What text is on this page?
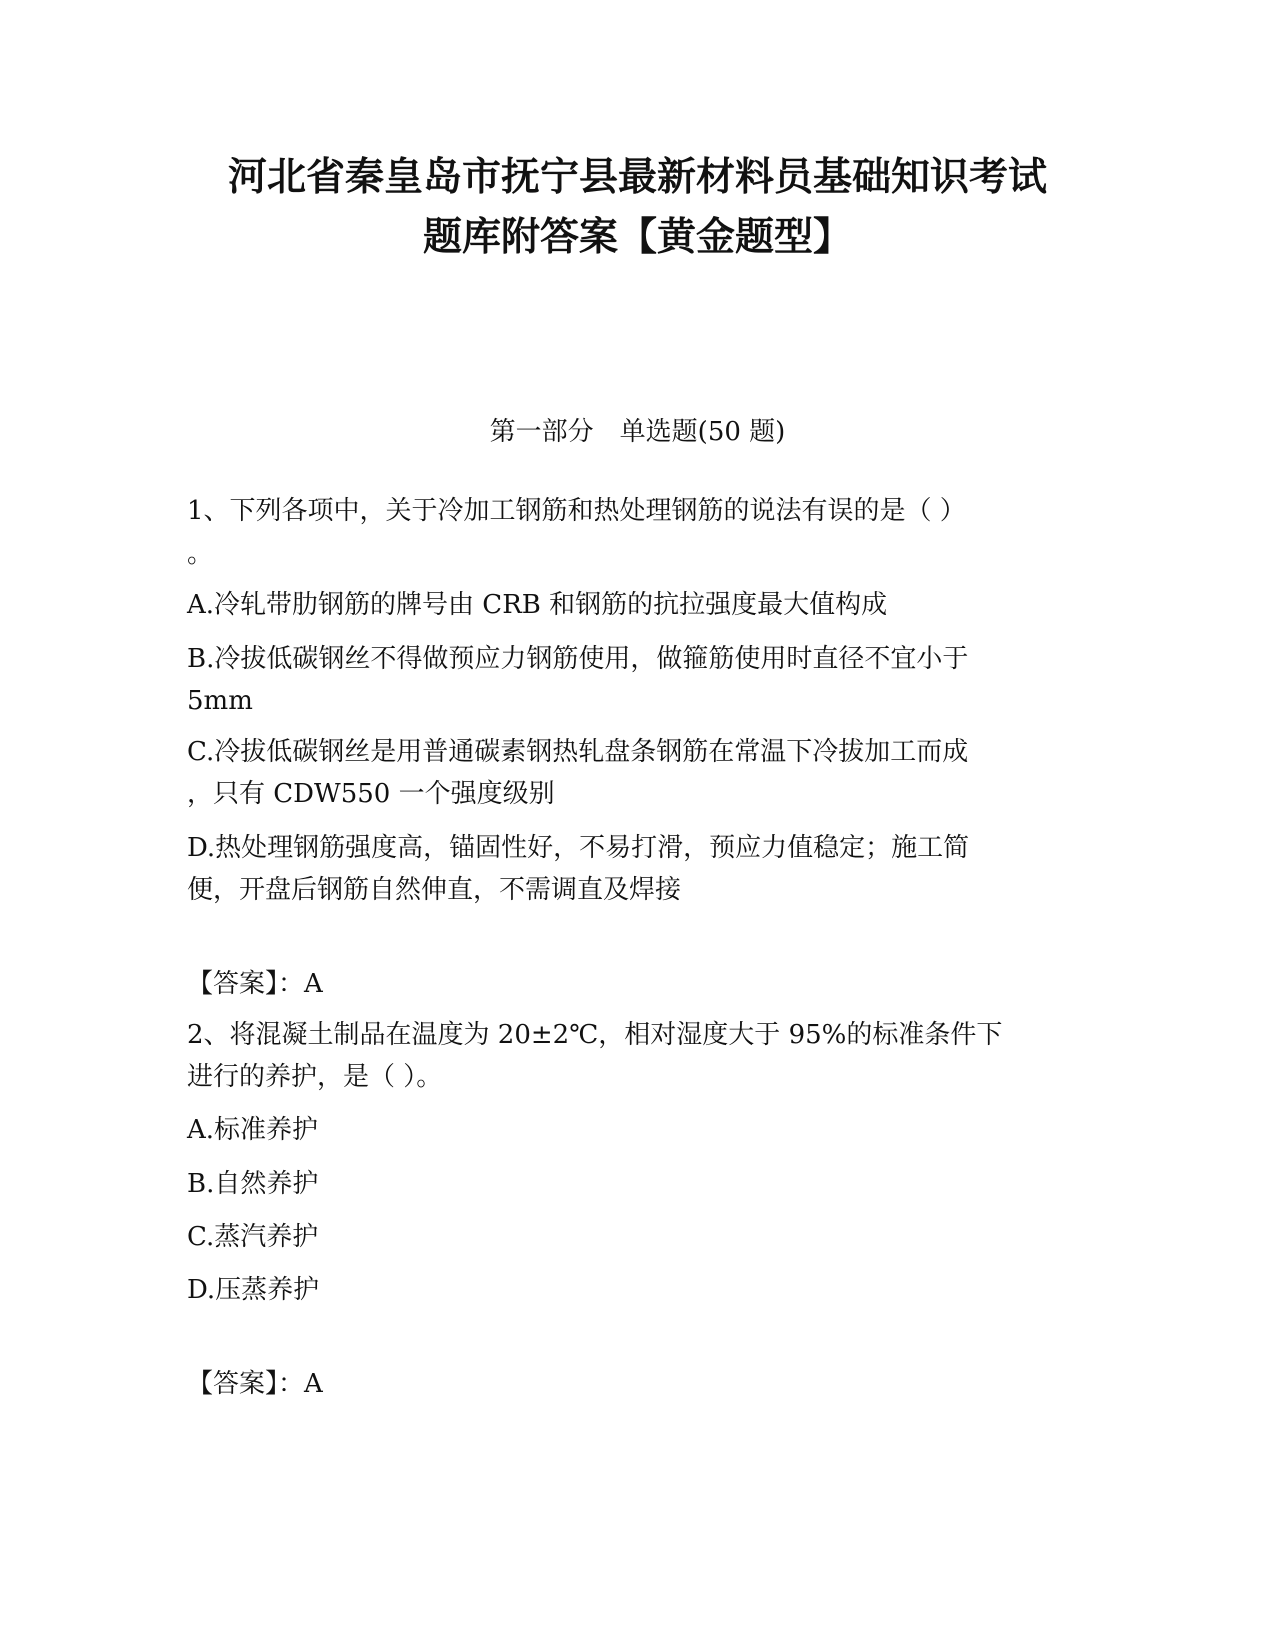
河北省秦皇岛市抚宁县最新材料员基础知识考试
题库附答案【黄金题型】
第一部分　单选题(50 题)
1、下列各项中，关于冷加工钢筋和热处理钢筋的说法有误的是（ ）
。
A.冷轧带肋钢筋的牌号由 CRB 和钢筋的抗拉强度最大值构成
B.冷拔低碳钢丝不得做预应力钢筋使用，做箍筋使用时直径不宜小于
5mm
C.冷拔低碳钢丝是用普通碳素钢热轧盘条钢筋在常温下冷拔加工而成
，只有 CDW550 一个强度级别
D.热处理钢筋强度高，锚固性好，不易打滑，预应力值稳定；施工简
便，开盘后钢筋自然伸直，不需调直及焊接
【答案】：A
2、将混凝土制品在温度为 20±2℃，相对湿度大于 95%的标准条件下
进行的养护，是（ ）。
A.标准养护
B.自然养护
C.蒸汽养护
D.压蒸养护
【答案】：A
